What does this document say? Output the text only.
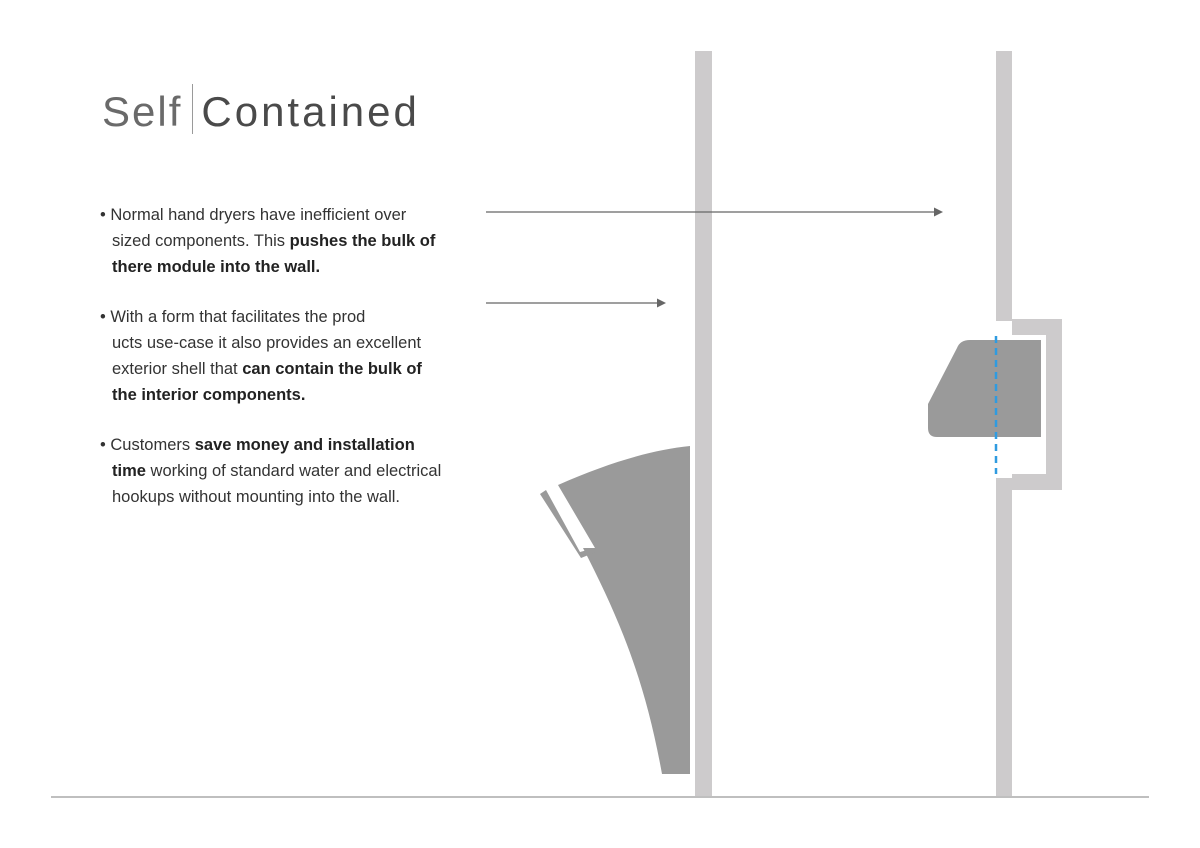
Self Contained
• Normal hand dryers have inefficient over
sized components. This pushes the bulk of
there module into the wall.
• With a form that facilitates the prod
ucts use-case it also provides an excellent
exterior shell that can contain the bulk of
the interior components.
• Customers save money and installation
time working of standard water and electrical
hookups without mounting into the wall.
